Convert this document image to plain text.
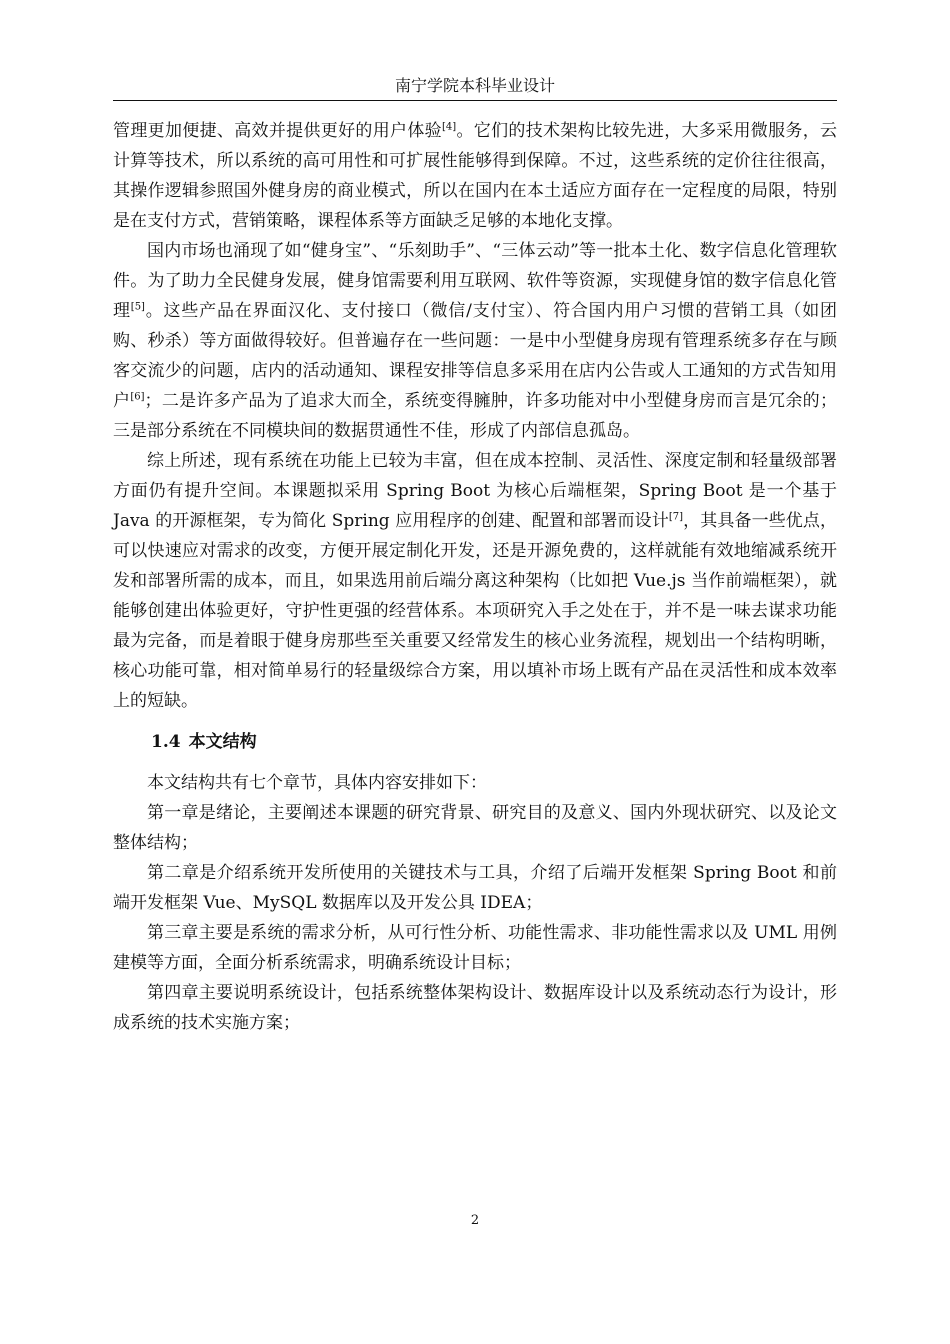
南宁学院本科毕业设计

管理更加便捷、高效并提供更好的用户体验[4]。它们的技术架构比较先进，大多采用微服务，云计算等技术，所以系统的高可用性和可扩展性能够得到保障。不过，这些系统的定价往往很高，其操作逻辑参照国外健身房的商业模式，所以在国内在本土适应方面存在一定程度的局限，特别是在支付方式，营销策略，课程体系等方面缺乏足够的本地化支撑。

国内市场也涌现了如“健身宝”、“乐刻助手”、“三体云动”等一批本土化、数字信息化管理软件。为了助力全民健身发展，健身馆需要利用互联网、软件等资源，实现健身馆的数字信息化管理[5]。这些产品在界面汉化、支付接口（微信/支付宝）、符合国内用户习惯的营销工具（如团购、秒杀）等方面做得较好。但普遍存在一些问题：一是中小型健身房现有管理系统多存在与顾客交流少的问题，店内的活动通知、课程安排等信息多采用在店内公告或人工通知的方式告知用户[6]；二是许多产品为了追求大而全，系统变得臃肿，许多功能对中小型健身房而言是冗余的；三是部分系统在不同模块间的数据贯通性不佳，形成了内部信息孤岛。

综上所述，现有系统在功能上已较为丰富，但在成本控制、灵活性、深度定制和轻量级部署方面仍有提升空间。本课题拟采用 Spring Boot 为核心后端框架，Spring Boot 是一个基于 Java 的开源框架，专为简化 Spring 应用程序的创建、配置和部署而设计[7]，其具备一些优点，可以快速应对需求的改变，方便开展定制化开发，还是开源免费的，这样就能有效地缩减系统开发和部署所需的成本，而且，如果选用前后端分离这种架构（比如把 Vue.js 当作前端框架），就能够创建出体验更好，守护性更强的经营体系。本项研究入手之处在于，并不是一味去谋求功能最为完备，而是着眼于健身房那些至关重要又经常发生的核心业务流程，规划出一个结构明晰，核心功能可靠，相对简单易行的轻量级综合方案，用以填补市场上既有产品在灵活性和成本效率上的短缺。

1.4 本文结构

本文结构共有七个章节，具体内容安排如下：

第一章是绪论，主要阐述本课题的研究背景、研究目的及意义、国内外现状研究、以及论文整体结构；

第二章是介绍系统开发所使用的关键技术与工具，介绍了后端开发框架 Spring Boot 和前端开发框架 Vue、MySQL 数据库以及开发公具 IDEA；

第三章主要是系统的需求分析，从可行性分析、功能性需求、非功能性需求以及 UML 用例建模等方面，全面分析系统需求，明确系统设计目标；

第四章主要说明系统设计，包括系统整体架构设计、数据库设计以及系统动态行为设计，形成系统的技术实施方案；

2
